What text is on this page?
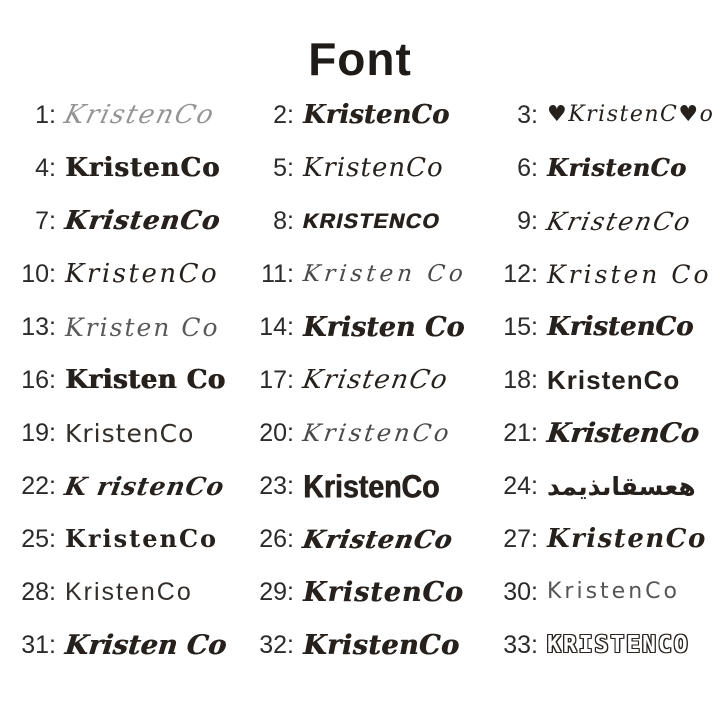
Font
1: KristenCo	2: KristenCo	3: ♥KristenC♥o
4: KristenCo	5: KristenCo	6: KristenCo
7: KristenCo	8: KRISTENCO	9: KristenCo
10: KristenCo	11: Kristen Co	12: Kristen Co
13: Kristen Co	14: Kristen Co	15: KristenCo
16: Kristen Co	17: KristenCo	18: KristenCo
19: KristenCo	20: KristenCo	21: KristenCo
22: K ristenCo	23: KristenCo	24: هعسقاىذيمد
25: KristenCo	26: KristenCo	27: KristenCo
28: KristenCo	29: KristenCo	30: KristenCo
31: Kristen Co	32: KristenCo	33: KRISTENCO
